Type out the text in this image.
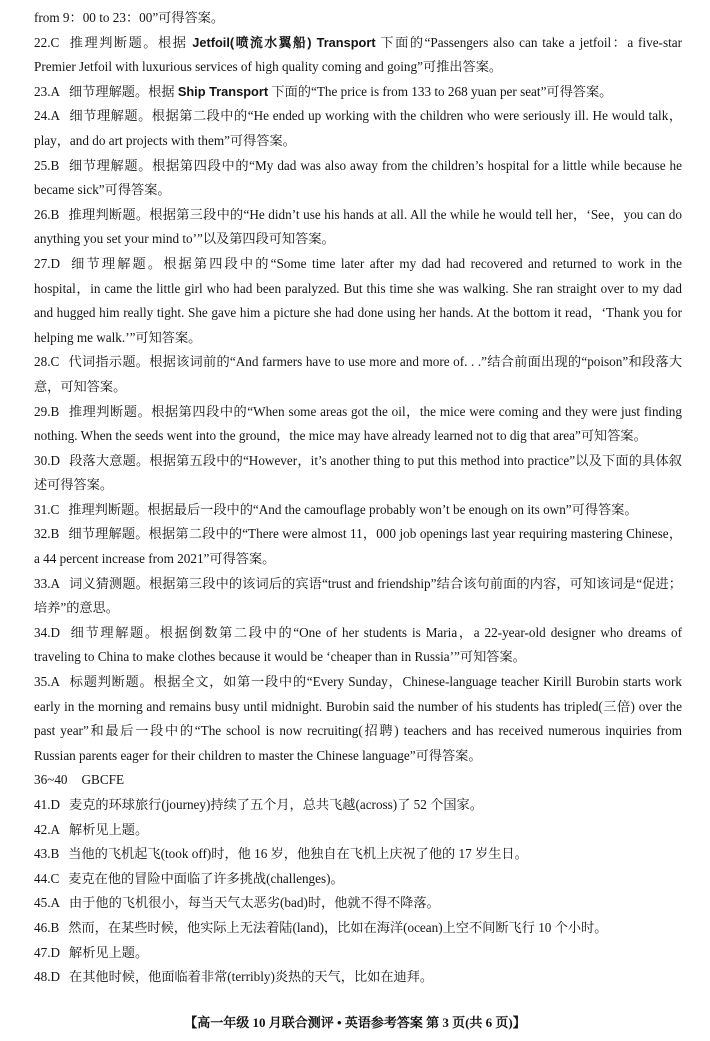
from 9：00 to 23：00”可得答案。

22.C 推理判断题。根据 Jetfoil(喷流水翼船) Transport 下面的“Passengers also can take a jetfoil：a five-star Premier Jetfoil with luxurious services of high quality coming and going”可推出答案。

23.A 细节理解题。根据 Ship Transport 下面的“The price is from 133 to 268 yuan per seat”可得答案。

24.A 细节理解题。根据第二段中的“He ended up working with the children who were seriously ill. He would talk，play，and do art projects with them”可得答案。

25.B 细节理解题。根据第四段中的“My dad was also away from the children’s hospital for a little while because he became sick”可得答案。

26.B 推理判断题。根据第三段中的“He didn’t use his hands at all. All the while he would tell her，‘See，you can do anything you set your mind to’”以及第四段可知答案。

27.D 细节理解题。根据第四段中的“Some time later after my dad had recovered and returned to work in the hospital，in came the little girl who had been paralyzed. But this time she was walking. She ran straight over to my dad and hugged him really tight. She gave him a picture she had done using her hands. At the bottom it read，‘Thank you for helping me walk.’”可知答案。

28.C 代词指示题。根据该词前的“And farmers have to use more and more of. . .”结合前面出现的“poison”和段落大意，可知答案。

29.B 推理判断题。根据第四段中的“When some areas got the oil，the mice were coming and they were just finding nothing. When the seeds went into the ground，the mice may have already learned not to dig that area”可知答案。

30.D 段落大意题。根据第五段中的“However，it’s another thing to put this method into practice”以及下面的具体叙述可得答案。

31.C 推理判断题。根据最后一段中的“And the camouflage probably won’t be enough on its own”可得答案。

32.B 细节理解题。根据第二段中的“There were almost 11，000 job openings last year requiring mastering Chinese，a 44 percent increase from 2021”可得答案。

33.A 词义猜测题。根据第三段中的该词后的宾语“trust and friendship”结合该句前面的内容，可知该词是“促进；培养”的意思。

34.D 细节理解题。根据倒数第二段中的“One of her students is Maria，a 22-year-old designer who dreams of traveling to China to make clothes because it would be ‘cheaper than in Russia’”可知答案。

35.A 标题判断题。根据全文，如第一段中的“Every Sunday，Chinese-language teacher Kirill Burobin starts work early in the morning and remains busy until midnight. Burobin said the number of his students has tripled(三倍) over the past year”和最后一段中的“The school is now recruiting(招聘) teachers and has received numerous inquiries from Russian parents eager for their children to master the Chinese language”可得答案。

36~40 GBCFE

41.D 麦克的环球旅行(journey)持续了五个月，总共飞越(across)了 52 个国家。

42.A 解析见上题。

43.B 当他的飞机起飞(took off)时，他 16 岁，他独自在飞机上庆祝了他的 17 岁生日。

44.C 麦克在他的冒险中面临了许多挑战(challenges)。

45.A 由于他的飞机很小，每当天气太恶劣(bad)时，他就不得不降落。

46.B 然而，在某些时候，他实际上无法着陆(land)，比如在海洋(ocean)上空不间断飞行 10 个小时。

47.D 解析见上题。

48.D 在其他时候，他面临着非常(terribly)炎热的天气，比如在迪拜。

【高一年级 10 月联合测评 • 英语参考答案 第 3 页(共 6 页)】
